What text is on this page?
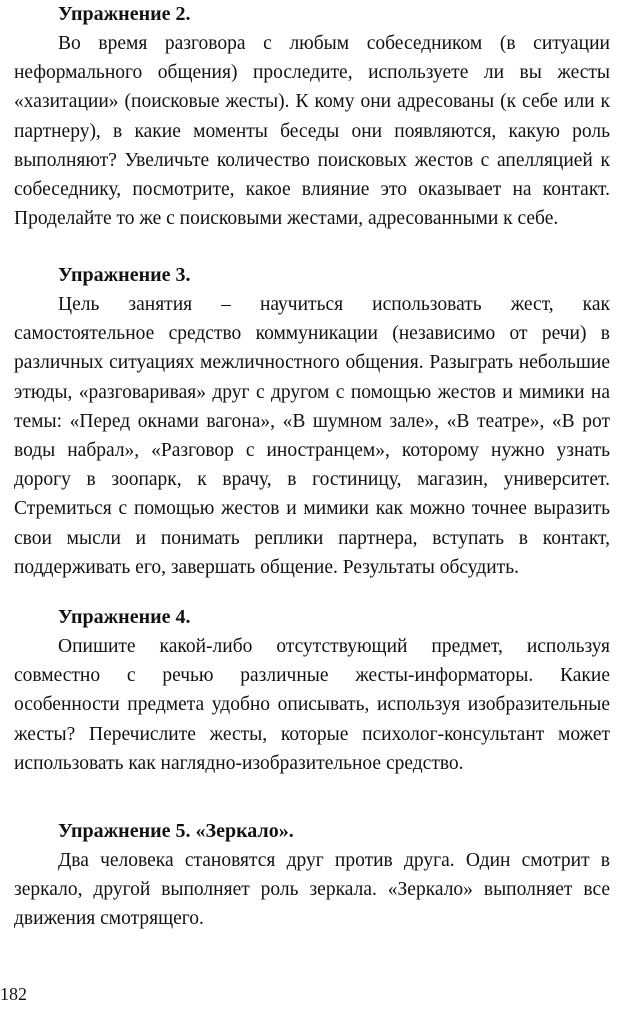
Упражнение 2.

Во время разговора с любым собеседником (в ситуации неформального общения) проследите, используете ли вы жесты «хазитации» (поисковые жесты). К кому они адресованы (к себе или к партнеру), в какие моменты беседы они появляются, какую роль выполняют? Увеличьте количество поисковых жестов с апелляцией к собеседнику, посмотрите, какое влияние это оказывает на контакт. Проделайте то же с поисковыми жестами, адресованными к себе.

Упражнение 3.

Цель занятия – научиться использовать жест, как самостоятельное средство коммуникации (независимо от речи) в различных ситуациях межличностного общения. Разыграть небольшие этюды, «разговаривая» друг с другом с помощью жестов и мимики на темы: «Перед окнами вагона», «В шумном зале», «В театре», «В рот воды набрал», «Разговор с иностранцем», которому нужно узнать дорогу в зоопарк, к врачу, в гостиницу, магазин, университет. Стремиться с помощью жестов и мимики как можно точнее выразить свои мысли и понимать реплики партнера, вступать в контакт, поддерживать его, завершать общение. Результаты обсудить.

Упражнение 4.

Опишите какой-либо отсутствующий предмет, используя совместно с речью различные жесты-информаторы. Какие особенности предмета удобно описывать, используя изобразительные жесты? Перечислите жесты, которые психолог-консультант может использовать как наглядно-изобразительное средство.

Упражнение 5. «Зеркало».

Два человека становятся друг против друга. Один смотрит в зеркало, другой выполняет роль зеркала. «Зеркало» выполняет все движения смотрящего.

182
